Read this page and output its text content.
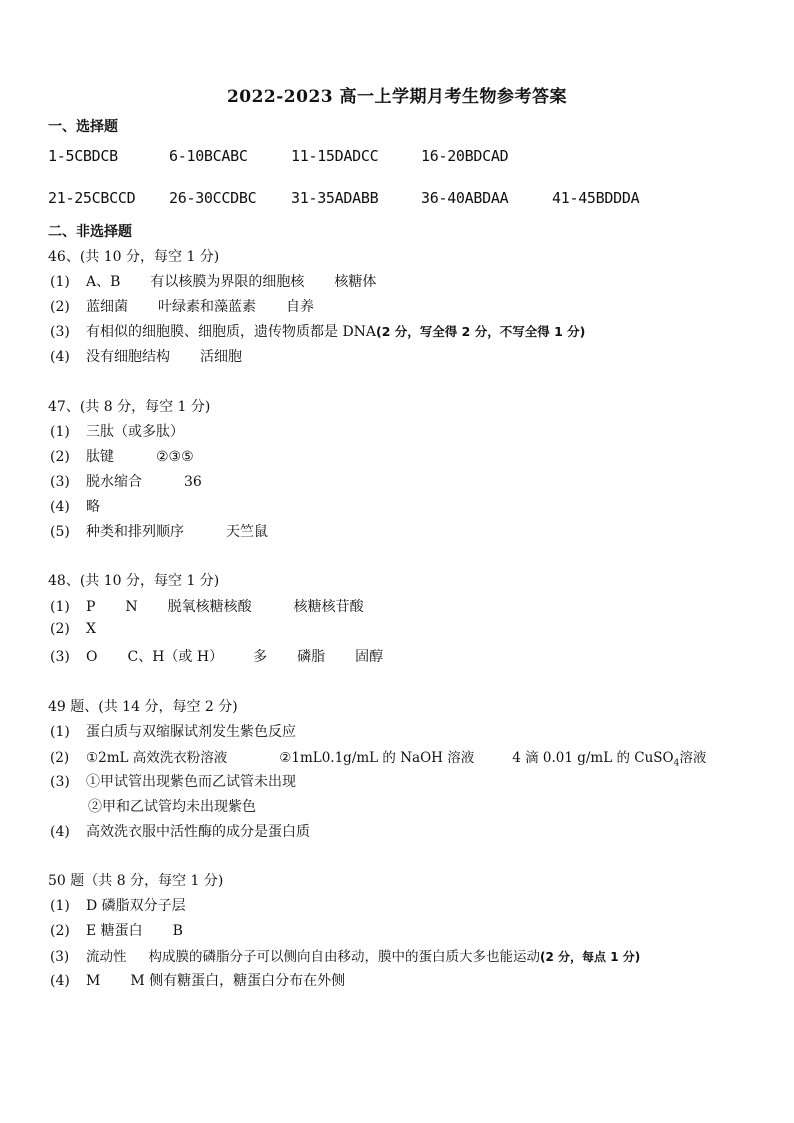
2022-2023 高一上学期月考生物参考答案
一、选择题
1-5CBDCB	6-10BCABC	11-15DADCC	16-20BDCAD
21-25CBCCD 26-30CCDBC 31-35ADABB	36-40ABDAA	41-45BDDDA
二、非选择题
46、(共 10 分，每空 1 分)
(1) A、B 有以核膜为界限的细胞核 核糖体
(2) 蓝细菌 叶绿素和藻蓝素 自养
(3) 有相似的细胞膜、细胞质，遗传物质都是 DNA(2 分，写全得 2 分，不写全得 1 分)
(4) 没有细胞结构 活细胞
47、(共 8 分，每空 1 分)
(1) 三肽（或多肽）
(2) 肽键	②③⑤
(3) 脱水缩合	36
(4) 略
(5) 种类和排列顺序	天竺鼠
48、(共 10 分，每空 1 分)
(1) P N 脱氧核糖核酸	核糖核苷酸
(2) X
(3) O C、H（或 H） 多 磷脂 固醇
49 题、(共 14 分，每空 2 分)
(1) 蛋白质与双缩脲试剂发生紫色反应
(2) ①2mL 高效洗衣粉溶液	②1mL0.1g/mL 的 NaOH 溶液	4 滴 0.01 g/mL 的 CuSO$_4$溶液
(3) ①甲试管出现紫色而乙试管未出现
②甲和乙试管均未出现紫色
(4) 高效洗衣服中活性酶的成分是蛋白质
50 题（共 8 分，每空 1 分)
(1) D 磷脂双分子层
(2) E 糖蛋白 B
(3) 流动性 构成膜的磷脂分子可以侧向自由移动，膜中的蛋白质大多也能运动(2 分，每点 1 分)
(4) M M 侧有糖蛋白，糖蛋白分布在外侧
